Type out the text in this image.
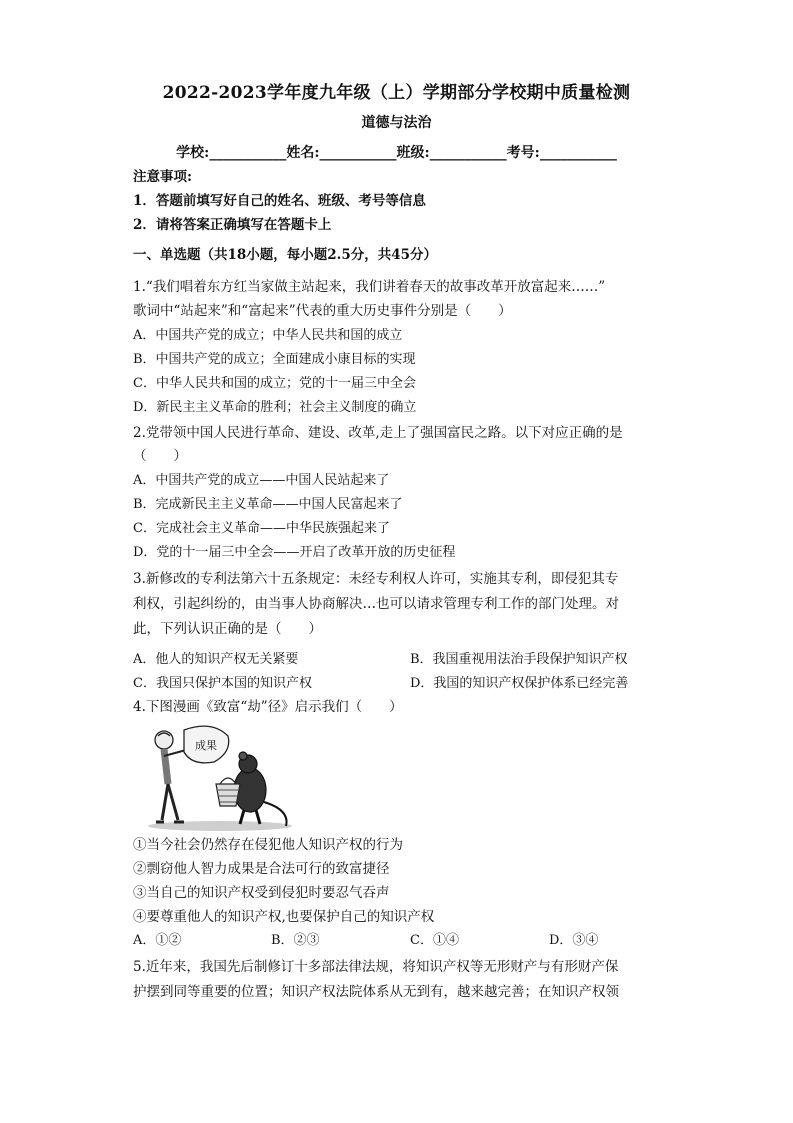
2022-2023学年度九年级（上）学期部分学校期中质量检测
道德与法治
学校:___________姓名:___________班级:___________考号:___________
注意事项:
1．答题前填写好自己的姓名、班级、考号等信息
2．请将答案正确填写在答题卡上
一、单选题（共18小题，每小题2.5分，共45分）
1.“我们唱着东方红当家做主站起来，我们讲着春天的故事改革开放富起来……”
歌词中“站起来”和“富起来”代表的重大历史事件分别是（　　）
A．中国共产党的成立；中华人民共和国的成立
B．中国共产党的成立；全面建成小康目标的实现
C．中华人民共和国的成立；党的十一届三中全会
D．新民主主义革命的胜利；社会主义制度的确立
2.党带领中国人民进行革命、建设、改革,走上了强国富民之路。以下对应正确的是
（　　）
A．中国共产党的成立——中国人民站起来了
B．完成新民主主义革命——中国人民富起来了
C．完成社会主义革命——中华民族强起来了
D．党的十一届三中全会——开启了改革开放的历史征程
3.新修改的专利法第六十五条规定：未经专利权人许可，实施其专利，即侵犯其专
利权，引起纠纷的，由当事人协商解决…也可以请求管理专利工作的部门处理。对
此，下列认识正确的是（　　）
A．他人的知识产权无关紧要	B．我国重视用法治手段保护知识产权
C．我国只保护本国的知识产权	D．我国的知识产权保护体系已经完善
4.下图漫画《致富“劫”径》启示我们（　　）
成果
①当今社会仍然存在侵犯他人知识产权的行为
②剽窃他人智力成果是合法可行的致富捷径
③当自己的知识产权受到侵犯时要忍气吞声
④要尊重他人的知识产权,也要保护自己的知识产权
A．①②	B．②③	C．①④	D．③④
5.近年来，我国先后制修订十多部法律法规，将知识产权等无形财产与有形财产保
护摆到同等重要的位置；知识产权法院体系从无到有，越来越完善；在知识产权领
